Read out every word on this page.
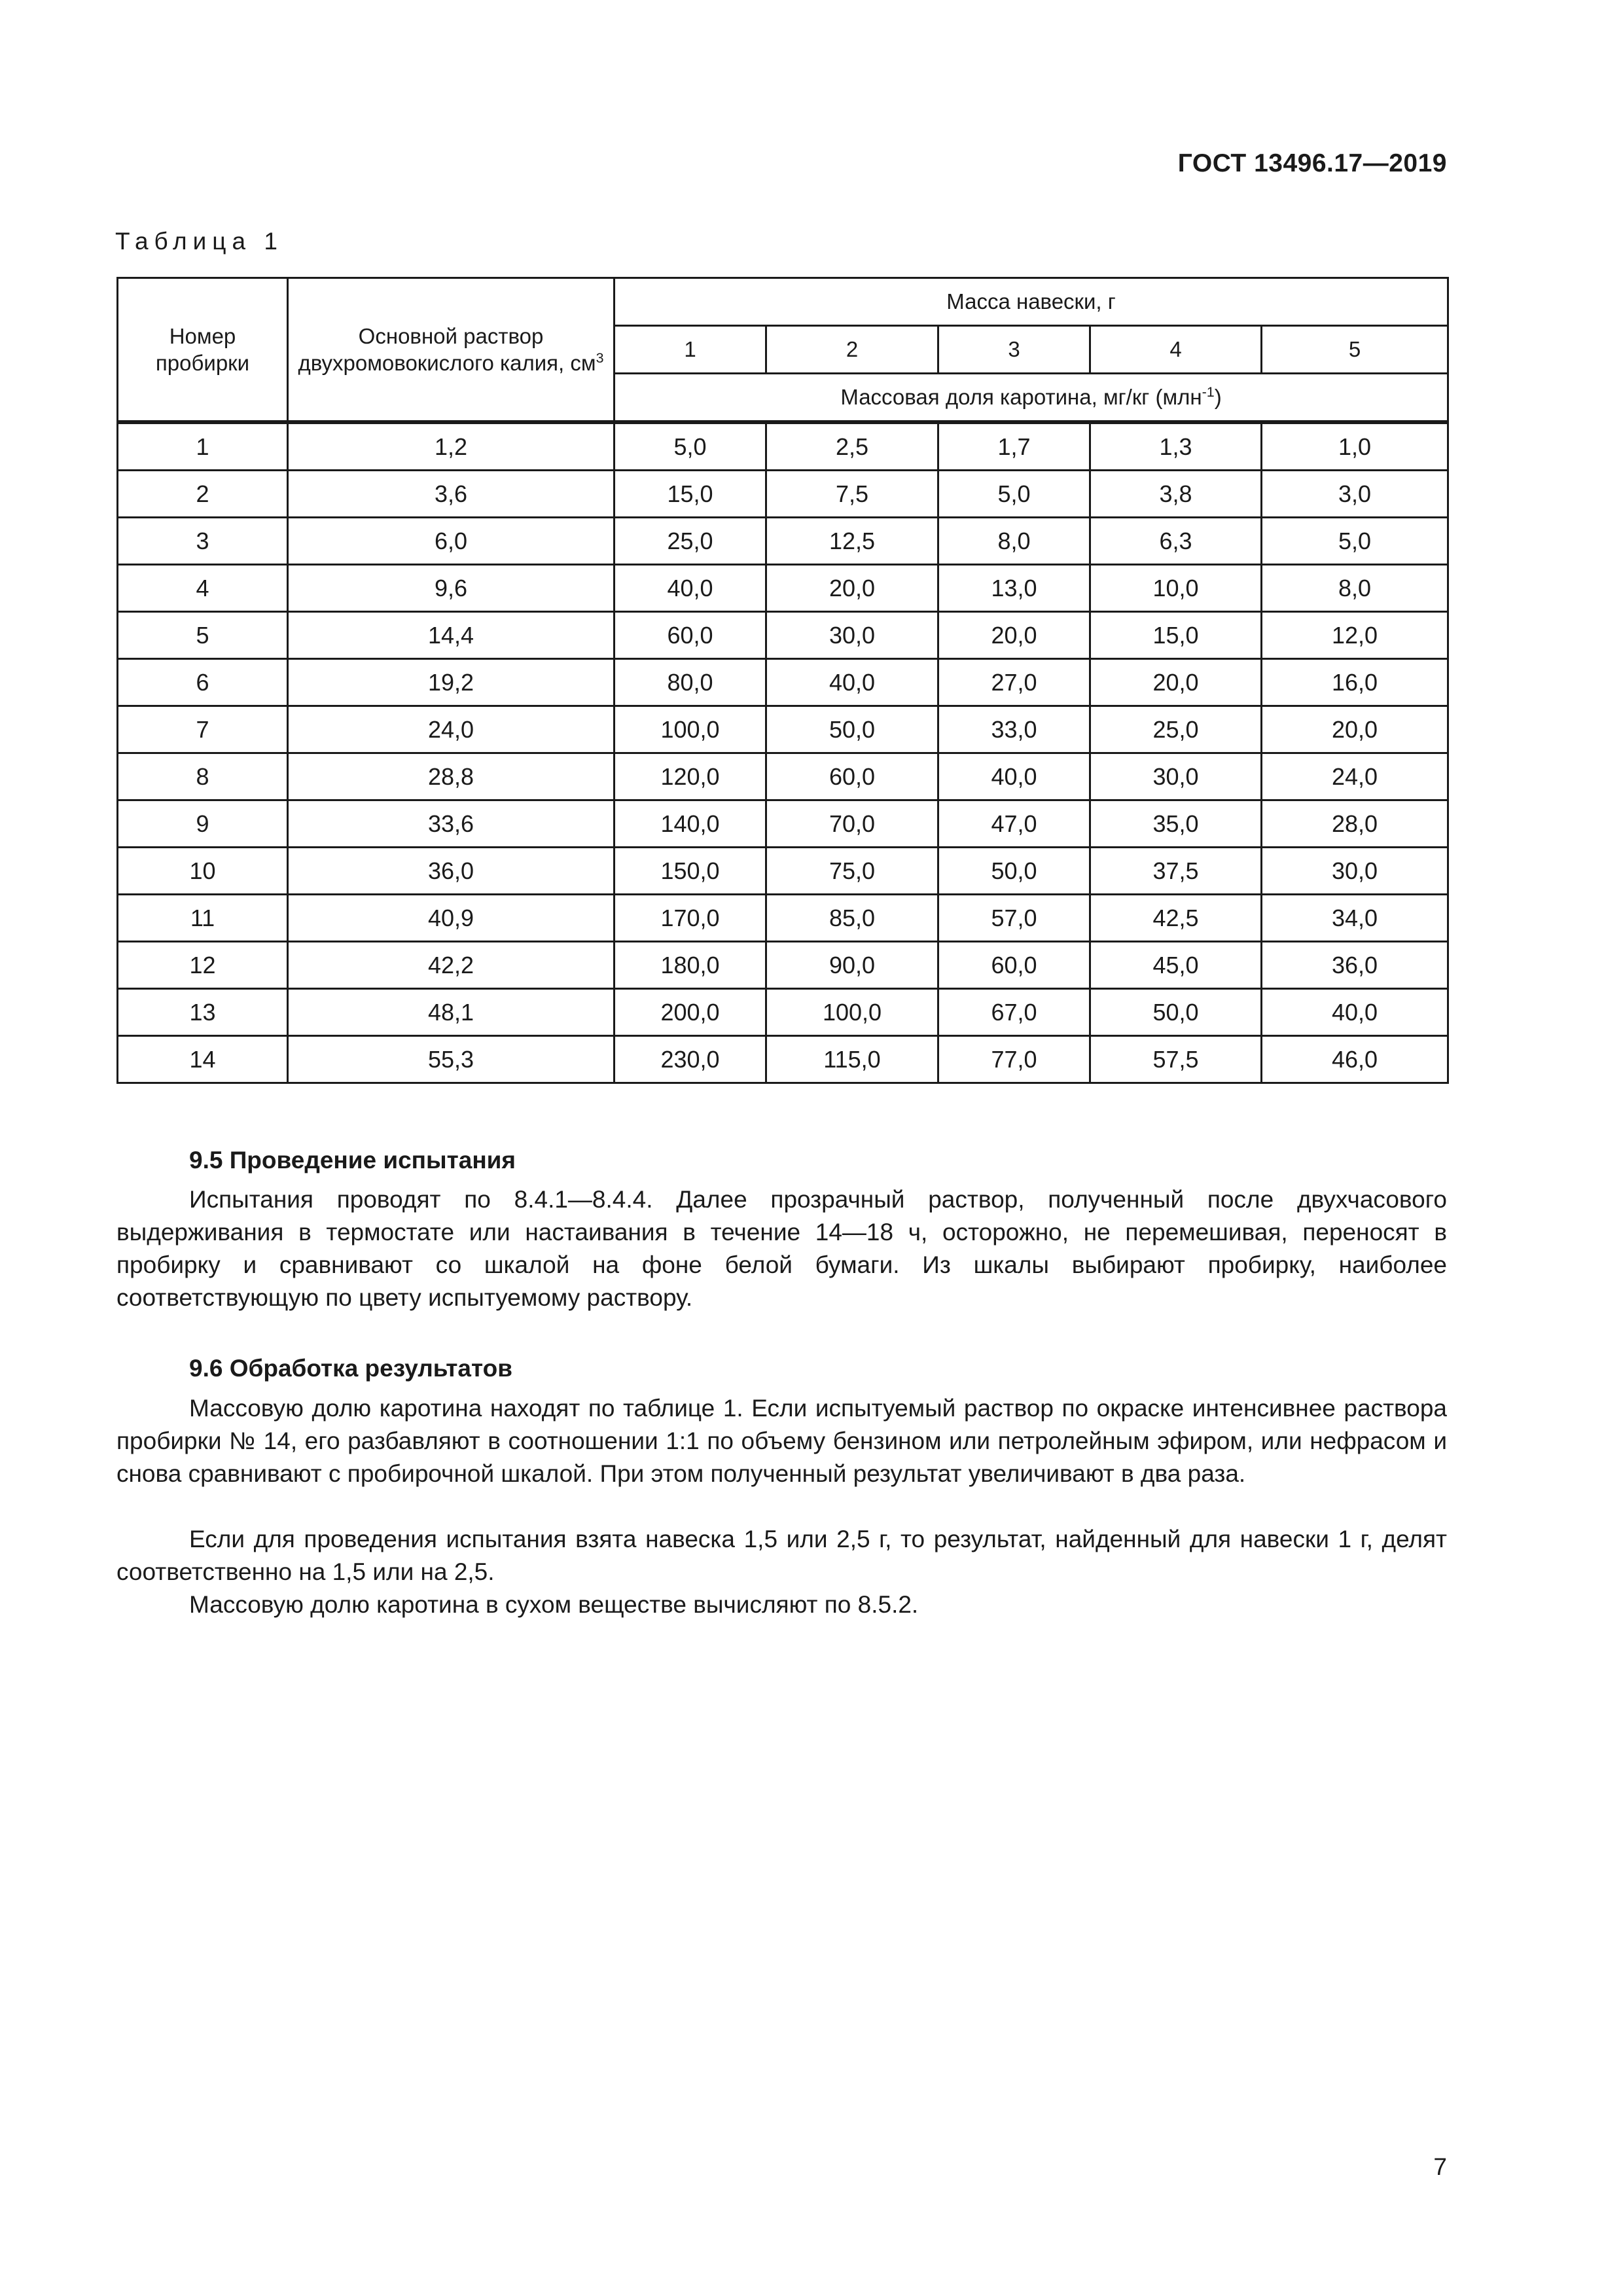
ГОСТ 13496.17—2019
Таблица 1
Номер пробирки	Основной раствор двухромовокислого калия, $см^3$	Масса навески, г				
		1	2	3	4	5
		Массовая доля каротина, мг/кг (млн$^{-1}$)				

1	1,2	5,0	2,5	1,7	1,3	1,0
2	3,6	15,0	7,5	5,0	3,8	3,0
3	6,0	25,0	12,5	8,0	6,3	5,0
4	9,6	40,0	20,0	13,0	10,0	8,0
5	14,4	60,0	30,0	20,0	15,0	12,0
6	19,2	80,0	40,0	27,0	20,0	16,0
7	24,0	100,0	50,0	33,0	25,0	20,0
8	28,8	120,0	60,0	40,0	30,0	24,0
9	33,6	140,0	70,0	47,0	35,0	28,0
10	36,0	150,0	75,0	50,0	37,5	30,0
11	40,9	170,0	85,0	57,0	42,5	34,0
12	42,2	180,0	90,0	60,0	45,0	36,0
13	48,1	200,0	100,0	67,0	50,0	40,0
14	55,3	230,0	115,0	77,0	57,5	46,0
9.5 Проведение испытания

Испытания проводят по 8.4.1—8.4.4. Далее прозрачный раствор, полученный после двухчасового выдерживания в термостате или настаивания в течение 14—18 ч, осторожно, не перемешивая, переносят в пробирку и сравнивают со шкалой на фоне белой бумаги. Из шкалы выбирают пробирку, наиболее соответствующую по цвету испытуемому раствору.

9.6 Обработка результатов

Массовую долю каротина находят по таблице 1. Если испытуемый раствор по окраске интенсивнее раствора пробирки № 14, его разбавляют в соотношении 1:1 по объему бензином или петролейным эфиром, или нефрасом и снова сравнивают с пробирочной шкалой. При этом полученный результат увеличивают в два раза.

Если для проведения испытания взята навеска 1,5 или 2,5 г, то результат, найденный для навески 1 г, делят соответственно на 1,5 или на 2,5.

Массовую долю каротина в сухом веществе вычисляют по 8.5.2.

7
